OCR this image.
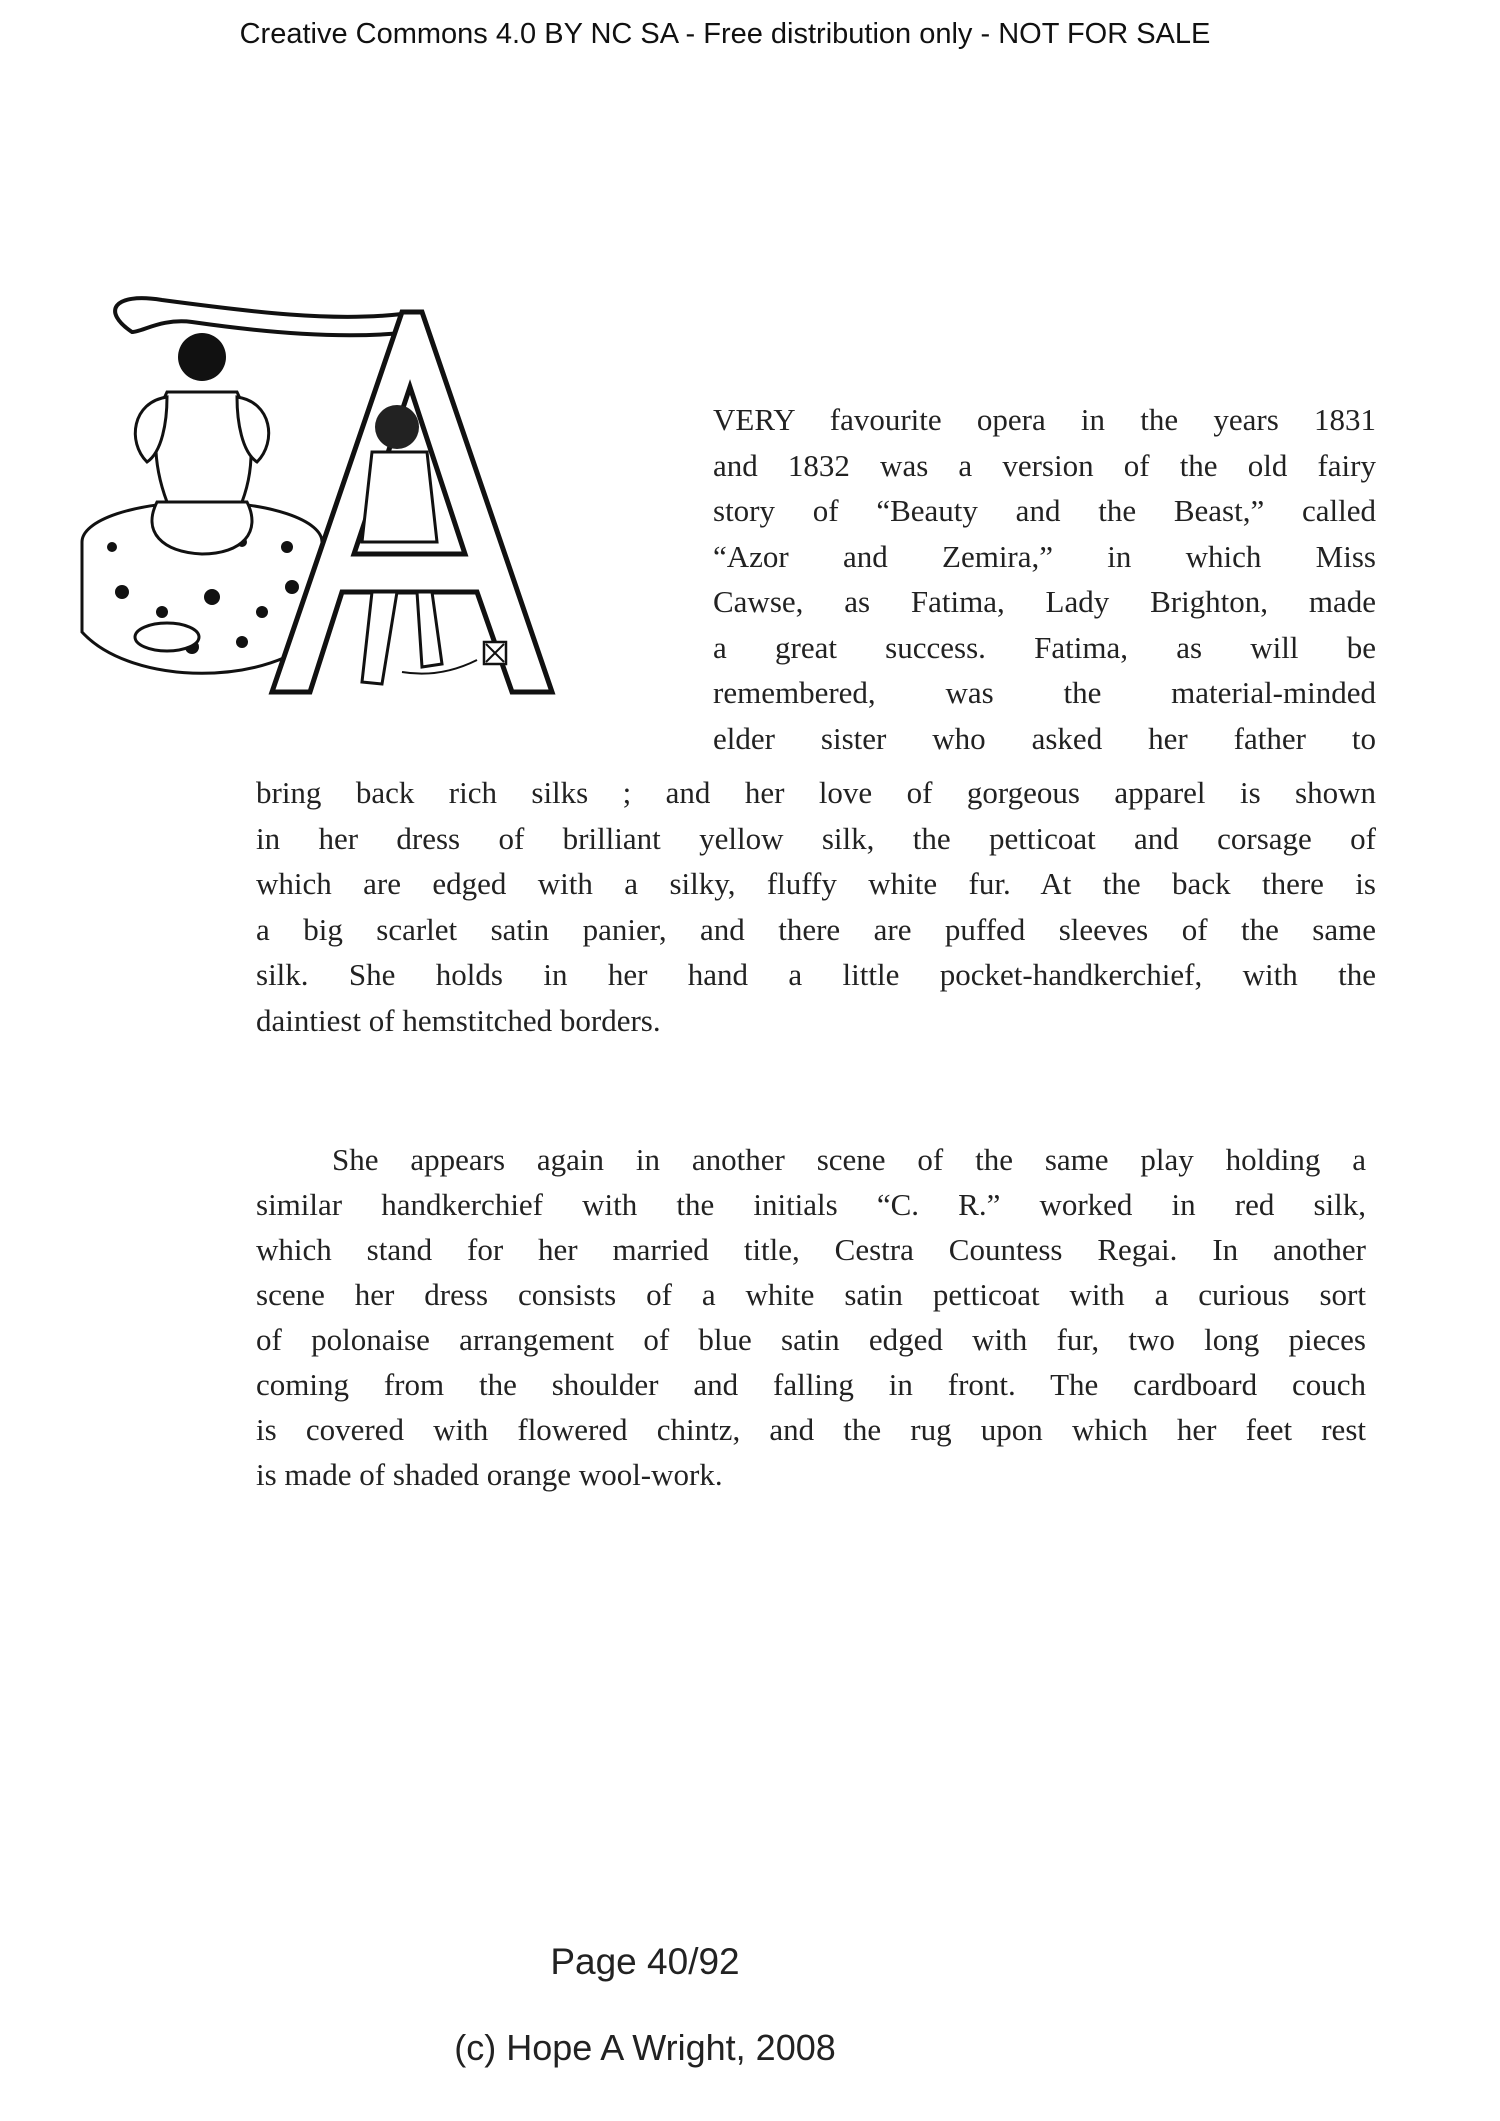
Creative Commons 4.0 BY NC SA - Free distribution only - NOT FOR SALE
VERY favourite opera in the years 1831
and 1832 was a version of the old fairy
story of “Beauty and the Beast,” called
“Azor and Zemira,” in which Miss
Cawse, as Fatima, Lady Brighton, made
a great success. Fatima, as will be
remembered, was the material-minded
elder sister who asked her father to
bring back rich silks ; and her love of gorgeous apparel is shown
in her dress of brilliant yellow silk, the petticoat and corsage of
which are edged with a silky, fluffy white fur. At the back there is
a big scarlet satin panier, and there are puffed sleeves of the same
silk. She holds in her hand a little pocket-handkerchief, with the
daintiest of hemstitched borders.
She appears again in another scene of the same play holding a
similar handkerchief with the initials “C. R.” worked in red silk,
which stand for her married title, Cestra Countess Regai. In another
scene her dress consists of a white satin petticoat with a curious sort
of polonaise arrangement of blue satin edged with fur, two long pieces
coming from the shoulder and falling in front. The cardboard couch
is covered with flowered chintz, and the rug upon which her feet rest
is made of shaded orange wool-work.
Page 40/92
(c) Hope A Wright, 2008
